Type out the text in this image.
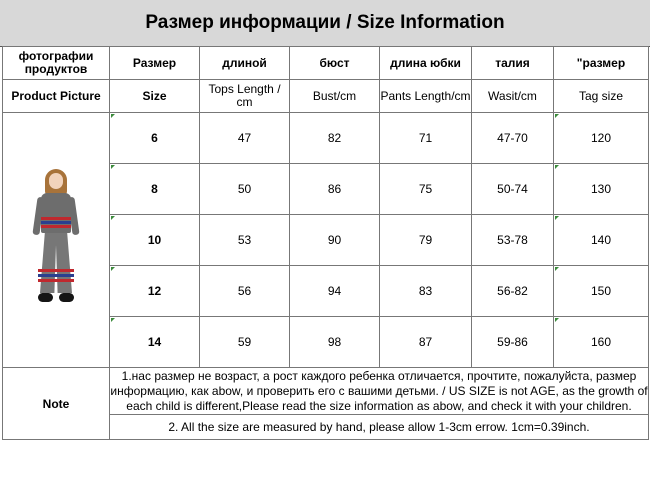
Размер информации / Size Information
фотографии продуктов	Размер	длиной	бюст	длина юбки	талия	"размер
Product Picture	Size	Tops Length / cm	Bust/cm	Pants Length/cm	Wasit/cm	Tag size

	6	47	82	71	47-70	120
	8	50	86	75	50-74	130
	10	53	90	79	53-78	140
	12	56	94	83	56-82	150
	14	59	98	87	59-86	160
Note	1.нас размер не возраст, а рост каждого ребенка отличается, прочтите, пожалуйста, размер информацию, как abow, и проверить его с вашими детьми. / US SIZE is not AGE, as the growth of each child is different,Please read the size information as abow, and check it with your children.					
	2. All the size are measured by hand, please allow 1-3cm errow. 1cm=0.39inch.					
